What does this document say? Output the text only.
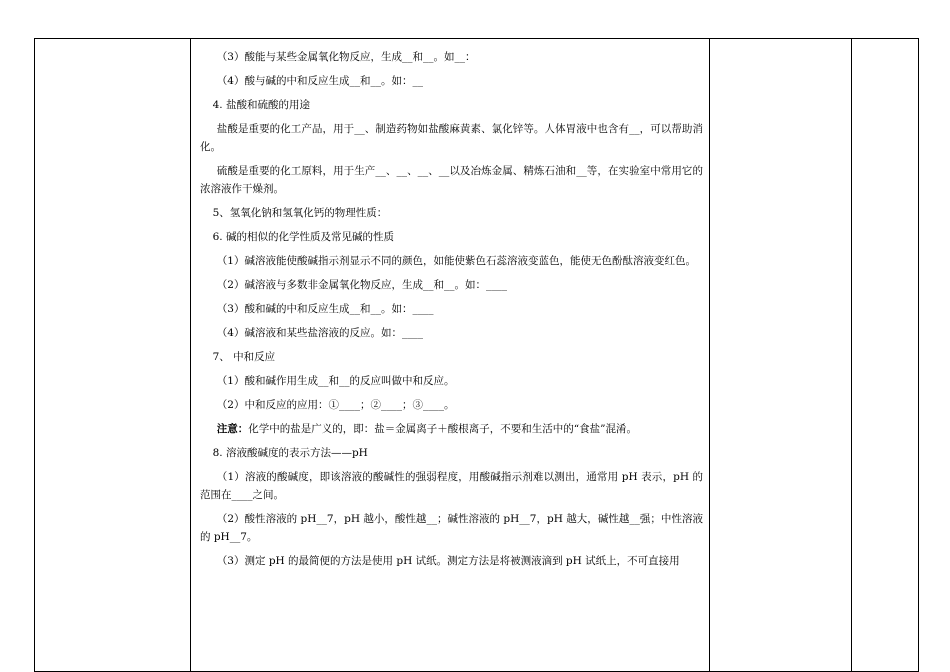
（3）酸能与某些金属氧化物反应，生成__和__。如__：

（4）酸与碱的中和反应生成__和__。如：__

4. 盐酸和硫酸的用途

盐酸是重要的化工产品，用于__、制造药物如盐酸麻黄素、氯化锌等。人体胃液中也含有__，可以帮助消化。

硫酸是重要的化工原料，用于生产__、__、__、__以及冶炼金属、精炼石油和__等，在实验室中常用它的浓溶液作干燥剂。

5、氢氧化钠和氢氧化钙的物理性质：

6. 碱的相似的化学性质及常见碱的性质

（1）碱溶液能使酸碱指示剂显示不同的颜色，如能使紫色石蕊溶液变蓝色，能使无色酚酞溶液变红色。

（2）碱溶液与多数非金属氧化物反应，生成__和__。如：____

（3）酸和碱的中和反应生成__和__。如：____

（4）碱溶液和某些盐溶液的反应。如：____

7、 中和反应

（1）酸和碱作用生成__和__的反应叫做中和反应。

（2）中和反应的应用：①____；②____；③____。

注意：化学中的盐是广义的，即：盐＝金属离子＋酸根离子，不要和生活中的“食盐”混淆。

8. 溶液酸碱度的表示方法——pH

（1）溶液的酸碱度，即该溶液的酸碱性的强弱程度，用酸碱指示剂难以测出，通常用 pH 表示，pH 的范围在____之间。

（2）酸性溶液的 pH__7，pH 越小，酸性越__；碱性溶液的 pH__7，pH 越大，碱性越__强；中性溶液的 pH__7。

（3）测定 pH 的最简便的方法是使用 pH 试纸。测定方法是将被测液滴到 pH 试纸上，不可直接用
